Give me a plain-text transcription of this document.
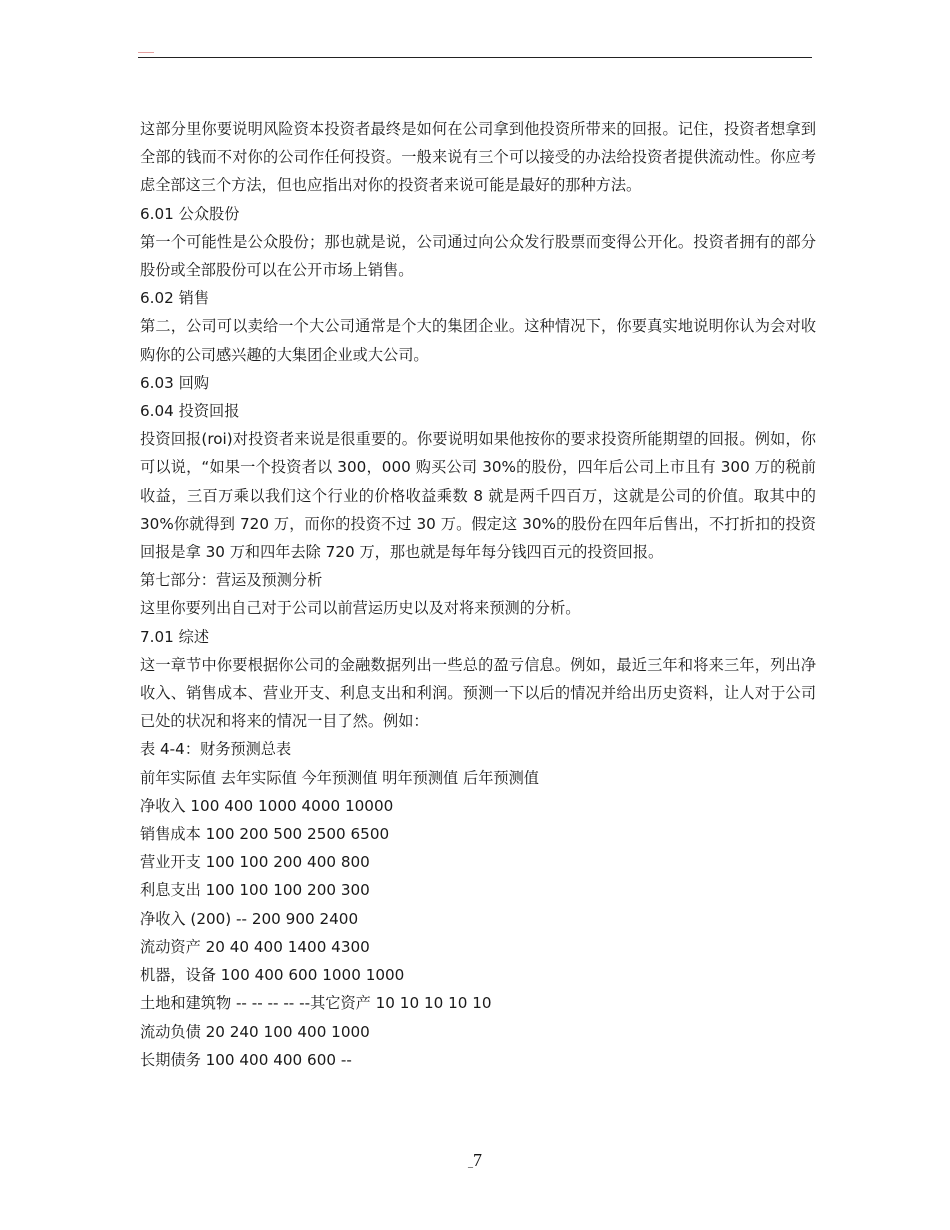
这部分里你要说明风险资本投资者最终是如何在公司拿到他投资所带来的回报。记住，投资者想拿到全部的钱而不对你的公司作任何投资。一般来说有三个可以接受的办法给投资者提供流动性。你应考虑全部这三个方法，但也应指出对你的投资者来说可能是最好的那种方法。

6.01 公众股份

第一个可能性是公众股份；那也就是说，公司通过向公众发行股票而变得公开化。投资者拥有的部分股份或全部股份可以在公开市场上销售。

6.02 销售

第二，公司可以卖给一个大公司通常是个大的集团企业。这种情况下，你要真实地说明你认为会对收购你的公司感兴趣的大集团企业或大公司。

6.03 回购

6.04 投资回报

投资回报(roi)对投资者来说是很重要的。你要说明如果他按你的要求投资所能期望的回报。例如，你可以说，“如果一个投资者以 300，000 购买公司 30%的股份，四年后公司上市且有 300 万的税前收益，三百万乘以我们这个行业的价格收益乘数 8 就是两千四百万，这就是公司的价值。取其中的 30%你就得到 720 万，而你的投资不过 30 万。假定这 30%的股份在四年后售出，不打折扣的投资回报是拿 30 万和四年去除 720 万，那也就是每年每分钱四百元的投资回报。

第七部分：营运及预测分析

这里你要列出自己对于公司以前营运历史以及对将来预测的分析。

7.01 综述

这一章节中你要根据你公司的金融数据列出一些总的盈亏信息。例如，最近三年和将来三年，列出净收入、销售成本、营业开支、利息支出和利润。预测一下以后的情况并给出历史资料，让人对于公司已处的状况和将来的情况一目了然。例如：

表 4-4：财务预测总表

前年实际值 去年实际值 今年预测值 明年预测值 后年预测值

净收入 100 400 1000 4000 10000

销售成本 100 200 500 2500 6500

营业开支 100 100 200 400 800

利息支出 100 100 100 200 300

净收入 (200) -- 200 900 2400

流动资产 20 40 400 1400 4300

机器，设备 100 400 600 1000 1000

土地和建筑物 -- -- -- -- --其它资产 10 10 10 10 10

流动负债 20 240 100 400 1000

长期债务 100 400 400 600 --

_7
